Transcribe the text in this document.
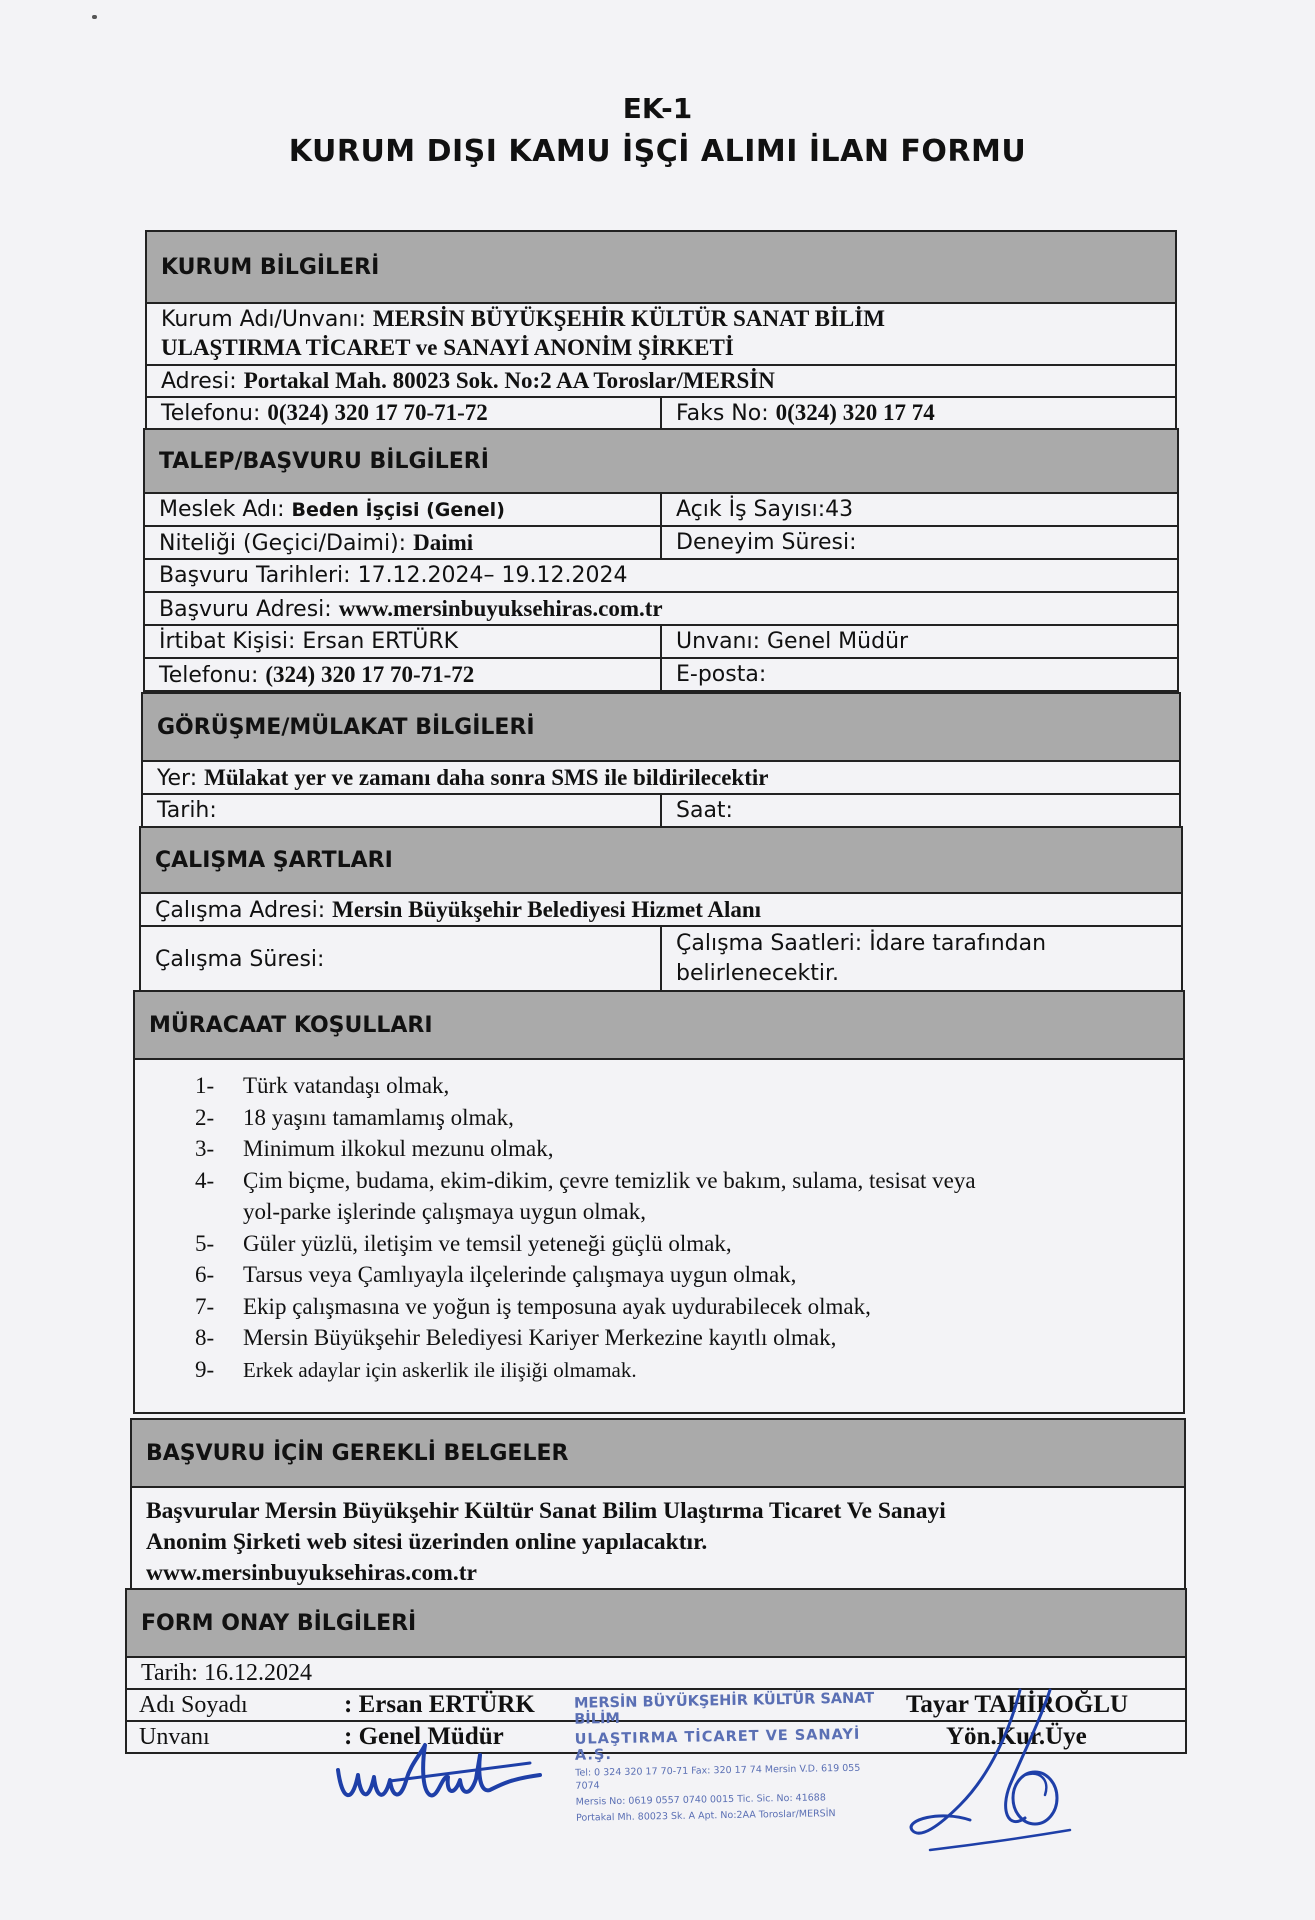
EK-1
KURUM DIŞI KAMU İŞÇİ ALIMI İLAN FORMU
KURUM BİLGİLERİ
Kurum Adı/Unvanı: MERSİN BÜYÜKŞEHİR KÜLTÜR SANAT BİLİM
ULAŞTIRMA TİCARET ve SANAYİ ANONİM ŞİRKETİ
Adresi: Portakal Mah. 80023 Sok. No:2 AA Toroslar/MERSİN
Telefonu: 0(324) 320 17 70-71-72	Faks No: 0(324) 320 17 74
TALEP/BAŞVURU BİLGİLERİ	
Meslek Adı: Beden İşçisi (Genel)	Açık İş Sayısı:43
Niteliği (Geçici/Daimi): Daimi	Deneyim Süresi:
Başvuru Tarihleri: 17.12.2024– 19.12.2024	
Başvuru Adresi: www.mersinbuyuksehiras.com.tr	
İrtibat Kişisi: Ersan ERTÜRK	Unvanı: Genel Müdür
Telefonu: (324) 320 17 70-71-72	E-posta:
GÖRÜŞME/MÜLAKAT BİLGİLERİ
Yer: Mülakat yer ve zamanı daha sonra SMS ile bildirilecektir
Tarih:	Saat:
ÇALIŞMA ŞARTLARI
Çalışma Adresi: Mersin Büyükşehir Belediyesi Hizmet Alanı
Çalışma Süresi:	Çalışma Saatleri: İdare tarafından belirlenecektir.
MÜRACAAT KOŞULLARI

1- Türk vatandaşı olmak,
2- 18 yaşını tamamlamış olmak,
3- Minimum ilkokul mezunu olmak,
4- Çim biçme, budama, ekim-dikim, çevre temizlik ve bakım, sulama, tesisat veya
yol-parke işlerinde çalışmaya uygun olmak,
5- Güler yüzlü, iletişim ve temsil yeteneği güçlü olmak,
6- Tarsus veya Çamlıyayla ilçelerinde çalışmaya uygun olmak,
7- Ekip çalışmasına ve yoğun iş temposuna ayak uydurabilecek olmak,
8- Mersin Büyükşehir Belediyesi Kariyer Merkezine kayıtlı olmak,
9- Erkek adaylar için askerlik ile ilişiği olmamak.
BAŞVURU İÇİN GEREKLİ BELGELER

Başvurular Mersin Büyükşehir Kültür Sanat Bilim Ulaştırma Ticaret Ve Sanayi
Anonim Şirketi web sitesi üzerinden online yapılacaktır.
www.mersinbuyuksehiras.com.tr
FORM ONAY BİLGİLERİ
Tarih: 16.12.2024
Adı Soyadı	: Ersan ERTÜRK	Tayar TAHİROĞLU

Unvanı	: Genel Müdür	Yön.Kur.Üye
MERSİN BÜYÜKŞEHİR KÜLTÜR SANAT BİLİM
ULAŞTIRMA TİCARET VE SANAYİ A.Ş.
Tel: 0 324 320 17 70-71 Fax: 320 17 74 Mersin V.D. 619 055 7074
Mersis No: 0619 0557 0740 0015 Tic. Sic. No: 41688
Portakal Mh. 80023 Sk. A Apt. No:2AA Toroslar/MERSİN
